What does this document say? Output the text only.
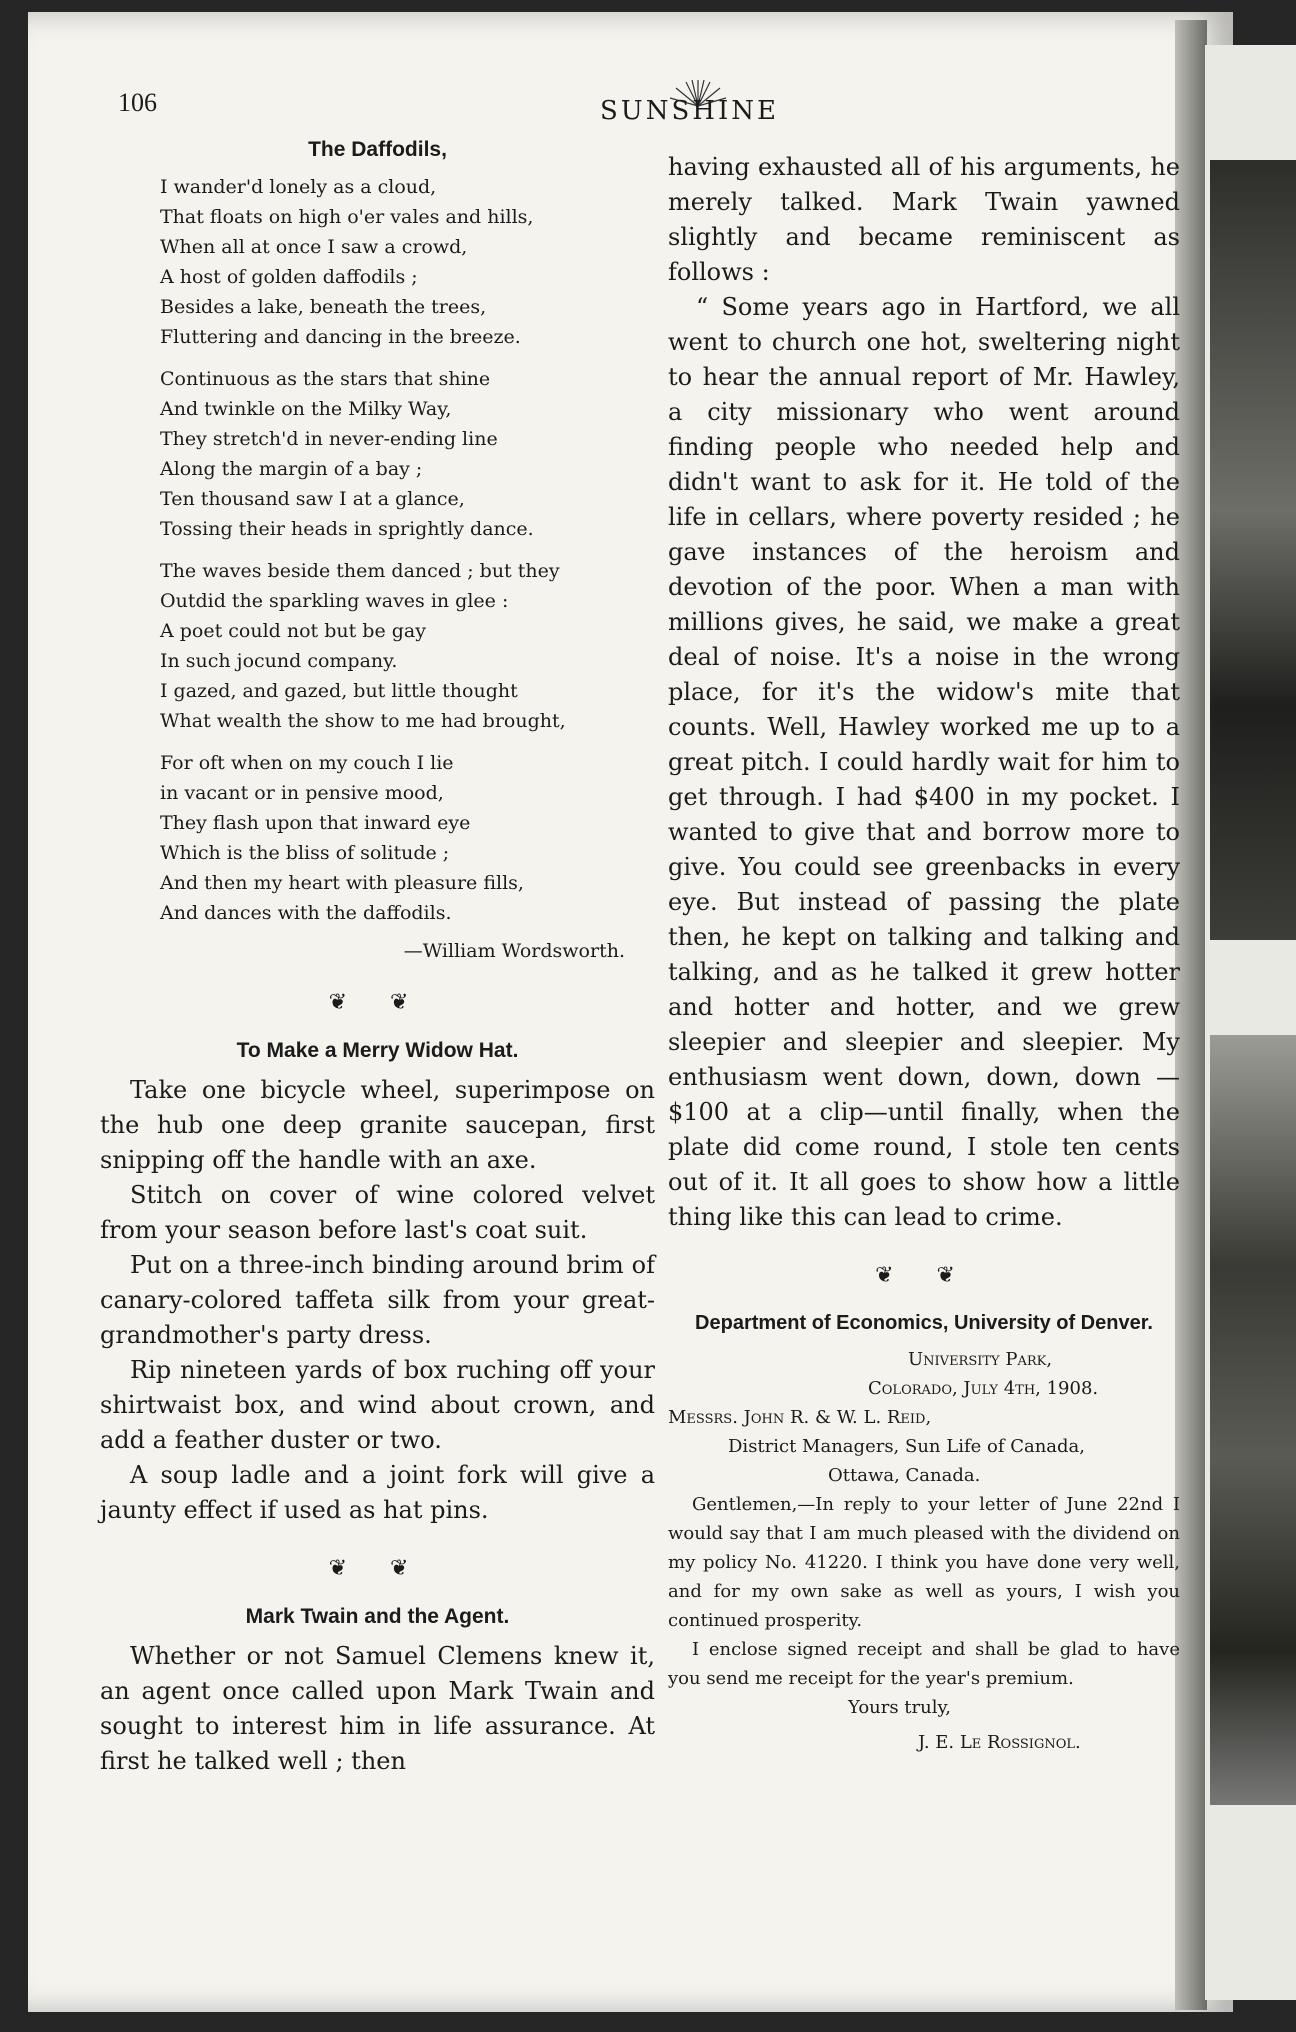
106	SUNSHINE
The Daffodils,
I wander'd lonely as a cloud,
That floats on high o'er vales and hills,
When all at once I saw a crowd,
A host of golden daffodils ;
Besides a lake, beneath the trees,
Fluttering and dancing in the breeze.
Continuous as the stars that shine
And twinkle on the Milky Way,
They stretch'd in never-ending line
Along the margin of a bay ;
Ten thousand saw I at a glance,
Tossing their heads in sprightly dance.
The waves beside them danced ; but they
Outdid the sparkling waves in glee :
A poet could not but be gay
In such jocund company.
I gazed, and gazed, but little thought
What wealth the show to me had brought,
For oft when on my couch I lie
in vacant or in pensive mood,
They flash upon that inward eye
Which is the bliss of solitude ;
And then my heart with pleasure fills,
And dances with the daffodils.
—William Wordsworth.
❦ ❦
To Make a Merry Widow Hat.

Take one bicycle wheel, superimpose on the hub one deep granite saucepan, first snipping off the handle with an axe.

Stitch on cover of wine colored velvet from your season before last's coat suit.

Put on a three-inch binding around brim of canary-colored taffeta silk from your great-grandmother's party dress.

Rip nineteen yards of box ruching off your shirtwaist box, and wind about crown, and add a feather duster or two.

A soup ladle and a joint fork will give a jaunty effect if used as hat pins.

❦ ❦
Mark Twain and the Agent.

Whether or not Samuel Clemens knew it, an agent once called upon Mark Twain and sought to interest him in life assurance. At first he talked well ; then

having exhausted all of his arguments, he merely talked. Mark Twain yawned slightly and became reminiscent as follows :

“ Some years ago in Hartford, we all went to church one hot, sweltering night to hear the annual report of Mr. Hawley, a city missionary who went around finding people who needed help and didn't want to ask for it. He told of the life in cellars, where poverty resided ; he gave instances of the heroism and devotion of the poor. When a man with millions gives, he said, we make a great deal of noise. It's a noise in the wrong place, for it's the widow's mite that counts. Well, Hawley worked me up to a great pitch. I could hardly wait for him to get through. I had $400 in my pocket. I wanted to give that and borrow more to give. You could see greenbacks in every eye. But instead of passing the plate then, he kept on talking and talking and talking, and as he talked it grew hotter and hotter and hotter, and we grew sleepier and sleepier and sleepier. My enthusiasm went down, down, down —$100 at a clip—until finally, when the plate did come round, I stole ten cents out of it. It all goes to show how a little thing like this can lead to crime.

❦ ❦
Department of Economics, University of Denver.
University Park,
Colorado, July 4th, 1908.
Messrs. John R. & W. L. Reid,
District Managers, Sun Life of Canada,
Ottawa, Canada.

Gentlemen,—In reply to your letter of June 22nd I would say that I am much pleased with the dividend on my policy No. 41220. I think you have done very well, and for my own sake as well as yours, I wish you continued prosperity.

I enclose signed receipt and shall be glad to have you send me receipt for the year's premium.

Yours truly,
J. E. Le Rossignol.
